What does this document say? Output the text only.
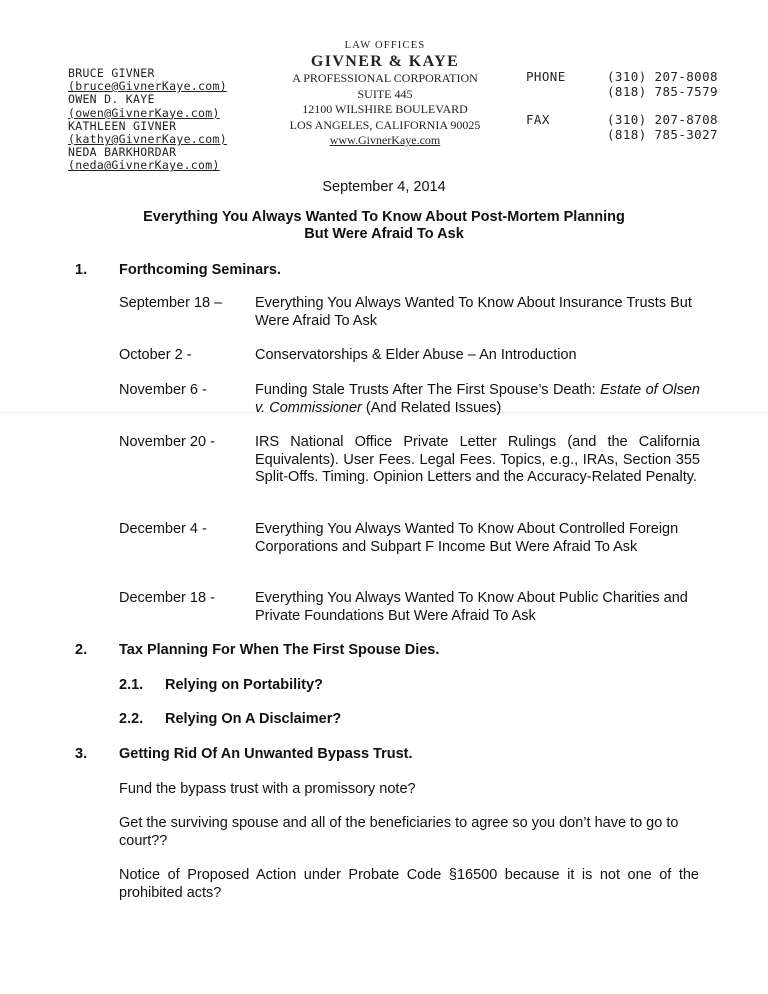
BRUCE GIVNER
(bruce@GivnerKaye.com)
OWEN D. KAYE
(owen@GivnerKaye.com)
KATHLEEN GIVNER
(kathy@GivnerKaye.com)
NEDA BARKHORDAR
(neda@GivnerKaye.com)
LAW OFFICES
GIVNER & KAYE
A PROFESSIONAL CORPORATION
SUITE 445
12100 WILSHIRE BOULEVARD
LOS ANGELES, CALIFORNIA 90025
www.GivnerKaye.com
PHONE	(310) 207-8008
(818) 785-7579
FAX	(310) 207-8708
(818) 785-3027
September 4, 2014
Everything You Always Wanted To Know About Post-Mortem Planning
But Were Afraid To Ask
1. Forthcoming Seminars.
September 18 – Everything You Always Wanted To Know About Insurance Trusts But Were Afraid To Ask
October 2 -	Conservatorships & Elder Abuse – An Introduction
November 6 -	Funding Stale Trusts After The First Spouse’s Death: Estate of Olsen v. Commissioner (And Related Issues)
November 20 -	IRS National Office Private Letter Rulings (and the California Equivalents). User Fees. Legal Fees. Topics, e.g., IRAs, Section 355 Split-Offs. Timing. Opinion Letters and the Accuracy-Related Penalty.
December 4 -	Everything You Always Wanted To Know About Controlled Foreign Corporations and Subpart F Income But Were Afraid To Ask
December 18 -	Everything You Always Wanted To Know About Public Charities and Private Foundations But Were Afraid To Ask
2. Tax Planning For When The First Spouse Dies.
2.1. Relying on Portability?
2.2. Relying On A Disclaimer?
3. Getting Rid Of An Unwanted Bypass Trust.
Fund the bypass trust with a promissory note?
Get the surviving spouse and all of the beneficiaries to agree so you don’t have to go to court??
Notice of Proposed Action under Probate Code §16500 because it is not one of the prohibited acts?
